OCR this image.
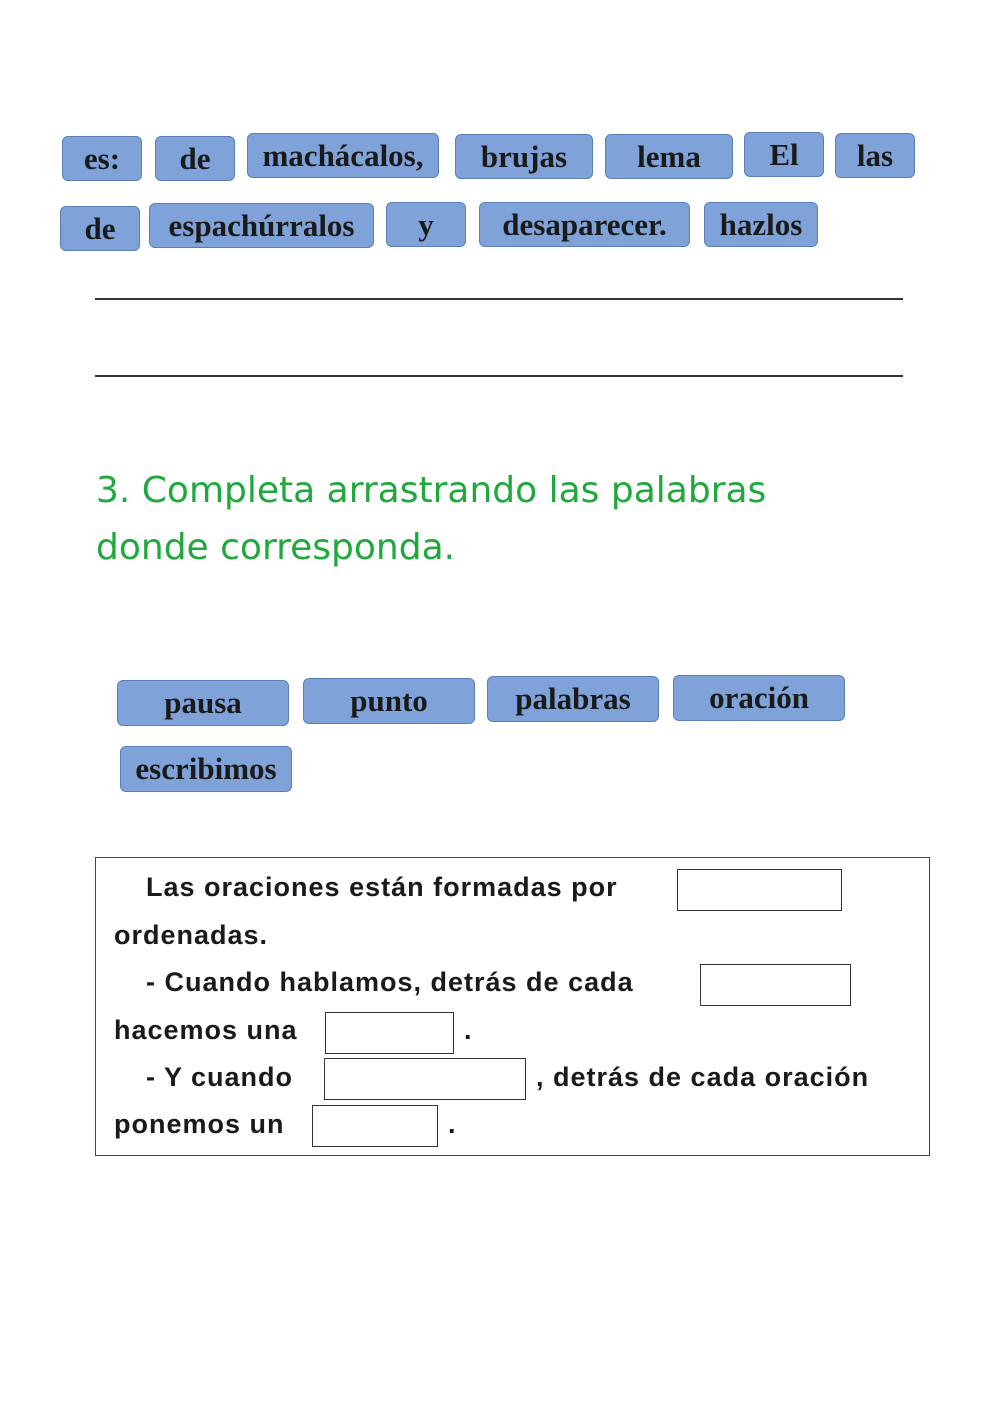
es:	de	machácalos,	brujas	lema	El	las
de	espachúrralos	y	desaparecer.	hazlos
3. Completa arrastrando las palabras
donde corresponda.
pausa	punto	palabras	oración
escribimos
Las oraciones están formadas por
ordenadas.
- Cuando hablamos, detrás de cada
hacemos una	.
- Y cuando	, detrás de cada oración
ponemos un	.
